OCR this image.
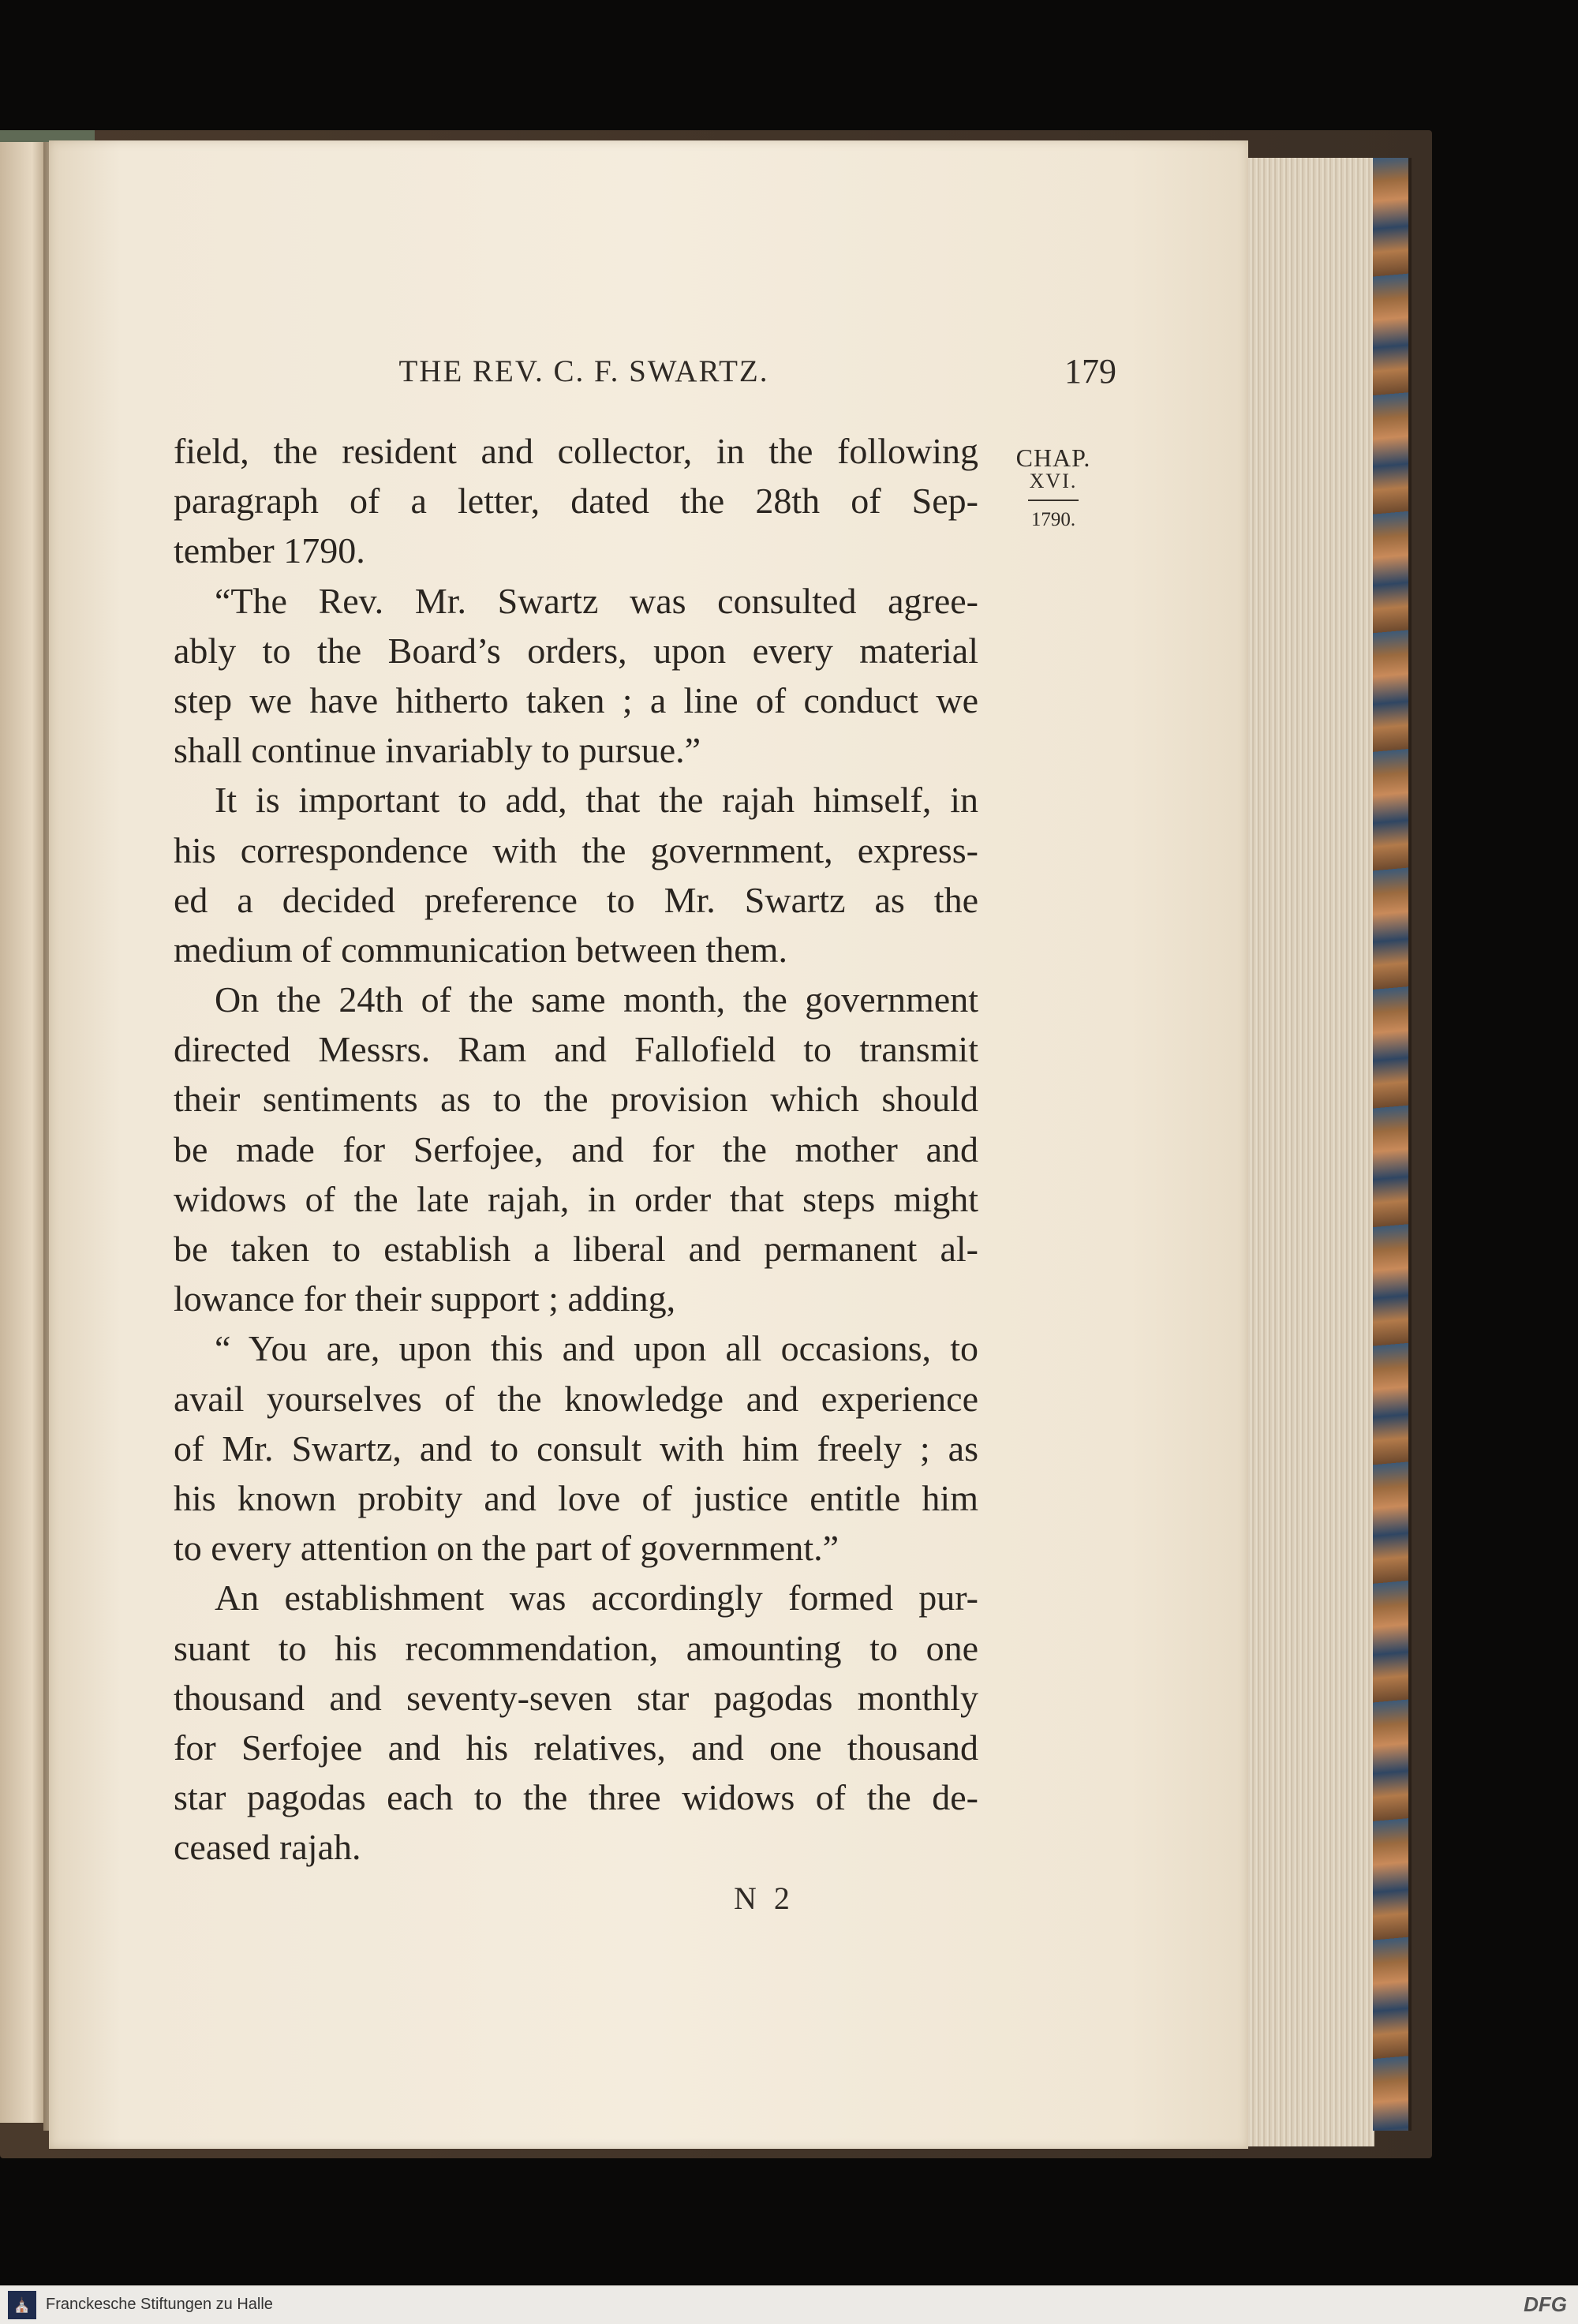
THE REV. C. F. SWARTZ.	179
CHAP.
XVI.
1790.
field, the resident and collector, in the following
paragraph of a letter, dated the 28th of Sep-
tember 1790.
“The Rev. Mr. Swartz was consulted agree-
ably to the Board’s orders, upon every material
step we have hitherto taken ; a line of conduct we
shall continue invariably to pursue.”
It is important to add, that the rajah himself, in
his correspondence with the government, express-
ed a decided preference to Mr. Swartz as the
medium of communication between them.
On the 24th of the same month, the government
directed Messrs. Ram and Fallofield to transmit
their sentiments as to the provision which should
be made for Serfojee, and for the mother and
widows of the late rajah, in order that steps might
be taken to establish a liberal and permanent al-
lowance for their support ; adding,
“ You are, upon this and upon all occasions, to
avail yourselves of the knowledge and experience
of Mr. Swartz, and to consult with him freely ; as
his known probity and love of justice entitle him
to every attention on the part of government.”
An establishment was accordingly formed pur-
suant to his recommendation, amounting to one
thousand and seventy-seven star pagodas monthly
for Serfojee and his relatives, and one thousand
star pagodas each to the three widows of the de-
ceased rajah.
N 2
⛪ Franckesche Stiftungen zu Halle	DFG
